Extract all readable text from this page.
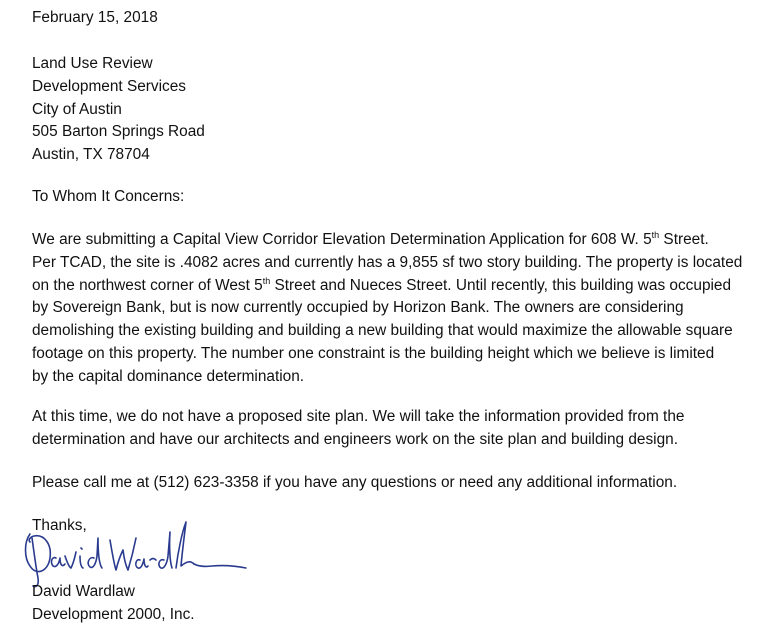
February 15, 2018
Land Use Review
Development Services
City of Austin
505 Barton Springs Road
Austin, TX 78704
To Whom It Concerns:
We are submitting a Capital View Corridor Elevation Determination Application for 608 W. 5th Street.
Per TCAD, the site is .4082 acres and currently has a 9,855 sf two story building. The property is located
on the northwest corner of West 5th Street and Nueces Street. Until recently, this building was occupied
by Sovereign Bank, but is now currently occupied by Horizon Bank. The owners are considering
demolishing the existing building and building a new building that would maximize the allowable square
footage on this property. The number one constraint is the building height which we believe is limited
by the capital dominance determination.
At this time, we do not have a proposed site plan. We will take the information provided from the
determination and have our architects and engineers work on the site plan and building design.
Please call me at (512) 623-3358 if you have any questions or need any additional information.
Thanks,
David Wardlaw
Development 2000, Inc.
